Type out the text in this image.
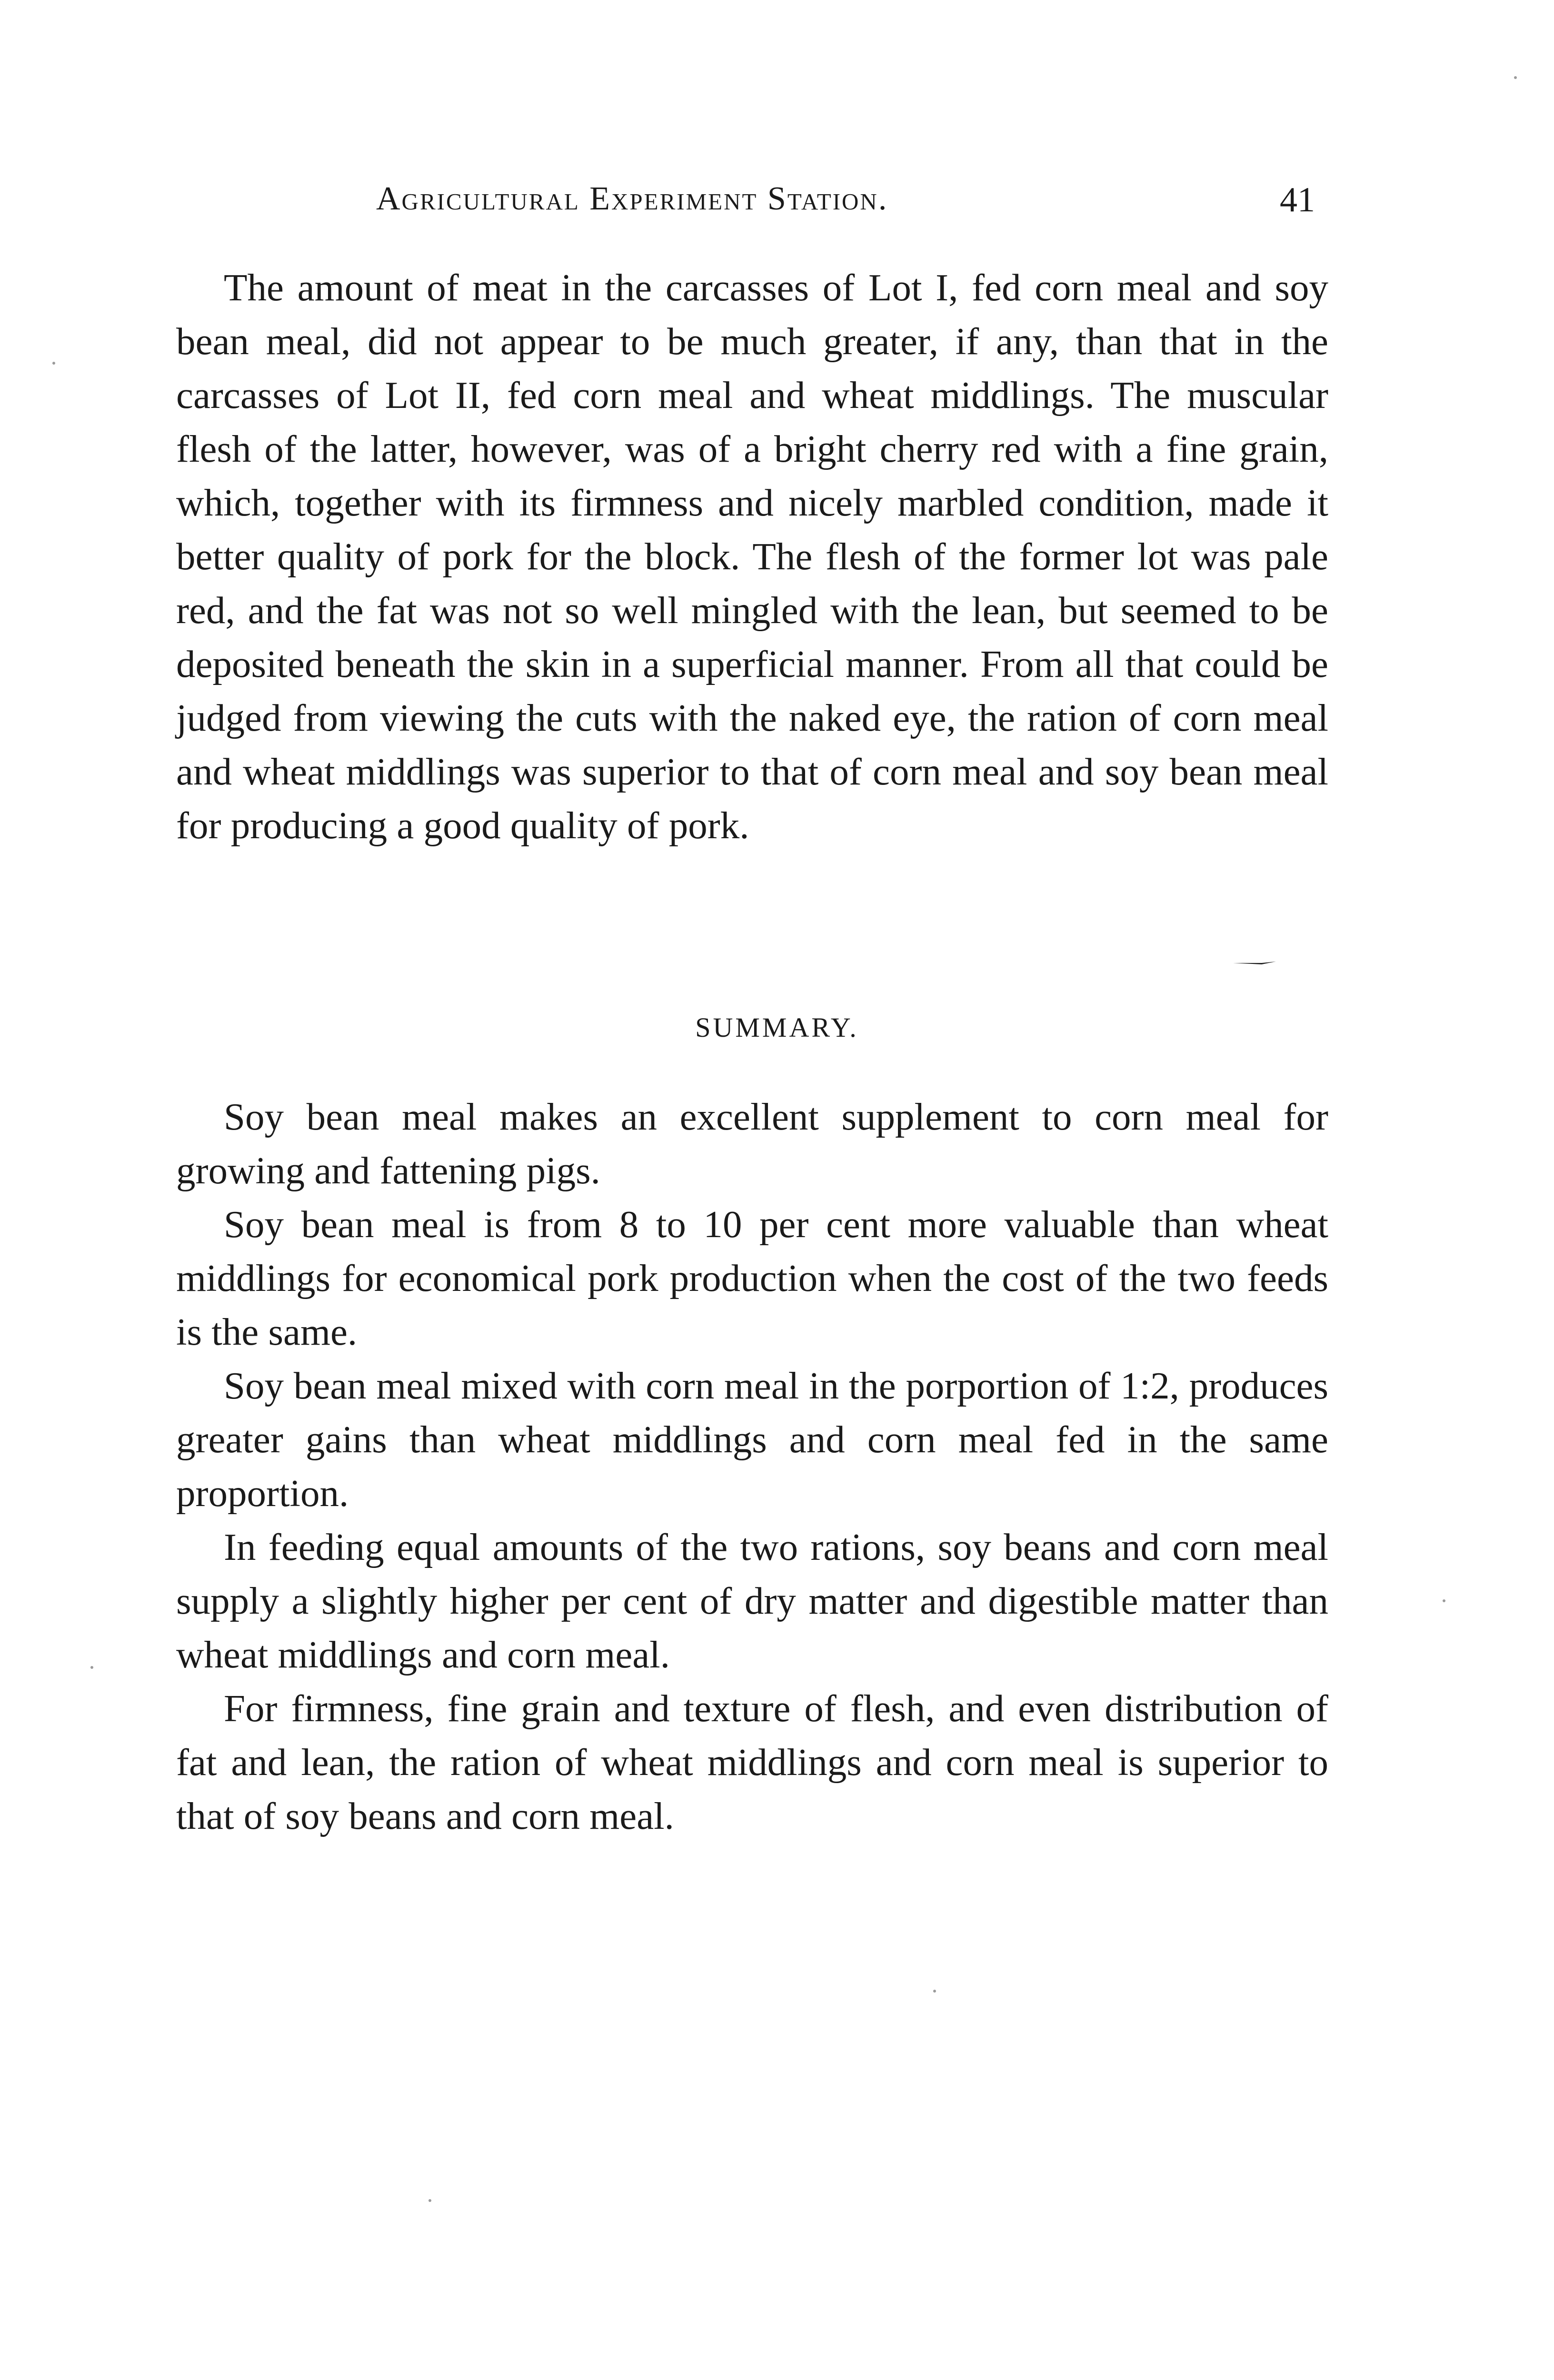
Agricultural Experiment Station.	41

The amount of meat in the carcasses of Lot I, fed corn meal and soy bean meal, did not appear to be much greater, if any, than that in the carcasses of Lot II, fed corn meal and wheat middlings. The muscular flesh of the latter, however, was of a bright cherry red with a fine grain, which, together with its firmness and nicely marbled condition, made it better quality of pork for the block. The flesh of the former lot was pale red, and the fat was not so well mingled with the lean, but seemed to be deposited beneath the skin in a superficial manner. From all that could be judged from viewing the cuts with the naked eye, the ration of corn meal and wheat middlings was superior to that of corn meal and soy bean meal for producing a good quality of pork.

SUMMARY.

Soy bean meal makes an excellent supplement to corn meal for growing and fattening pigs.

Soy bean meal is from 8 to 10 per cent more valuable than wheat middlings for economical pork production when the cost of the two feeds is the same.

Soy bean meal mixed with corn meal in the porportion of 1:2, produces greater gains than wheat middlings and corn meal fed in the same proportion.

In feeding equal amounts of the two rations, soy beans and corn meal supply a slightly higher per cent of dry matter and digestible matter than wheat middlings and corn meal.

For firmness, fine grain and texture of flesh, and even distribution of fat and lean, the ration of wheat middlings and corn meal is superior to that of soy beans and corn meal.
